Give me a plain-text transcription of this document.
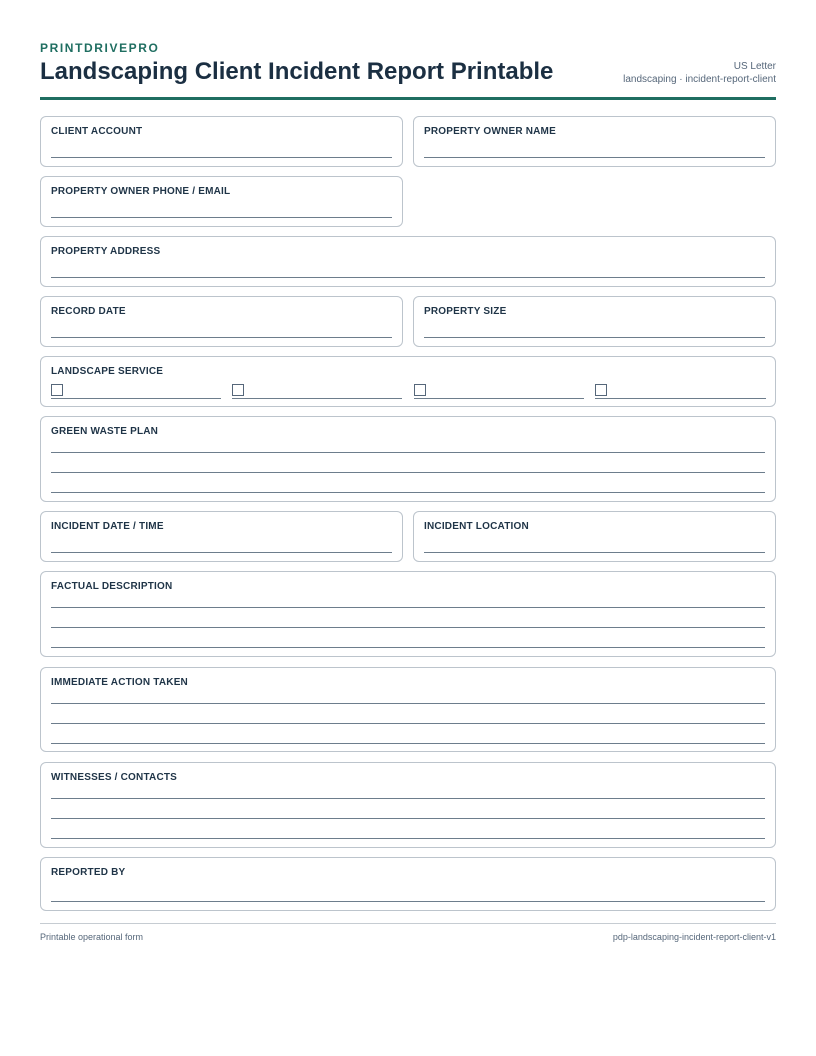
PRINTDRIVEPRO
Landscaping Client Incident Report Printable	US Letter
landscaping · incident-report-client
CLIENT ACCOUNT	PROPERTY OWNER NAME
PROPERTY OWNER PHONE / EMAIL
PROPERTY ADDRESS
RECORD DATE	PROPERTY SIZE
LANDSCAPE SERVICE
GREEN WASTE PLAN
INCIDENT DATE / TIME	INCIDENT LOCATION
FACTUAL DESCRIPTION
IMMEDIATE ACTION TAKEN
WITNESSES / CONTACTS
REPORTED BY
Printable operational form	pdp-landscaping-incident-report-client-v1
